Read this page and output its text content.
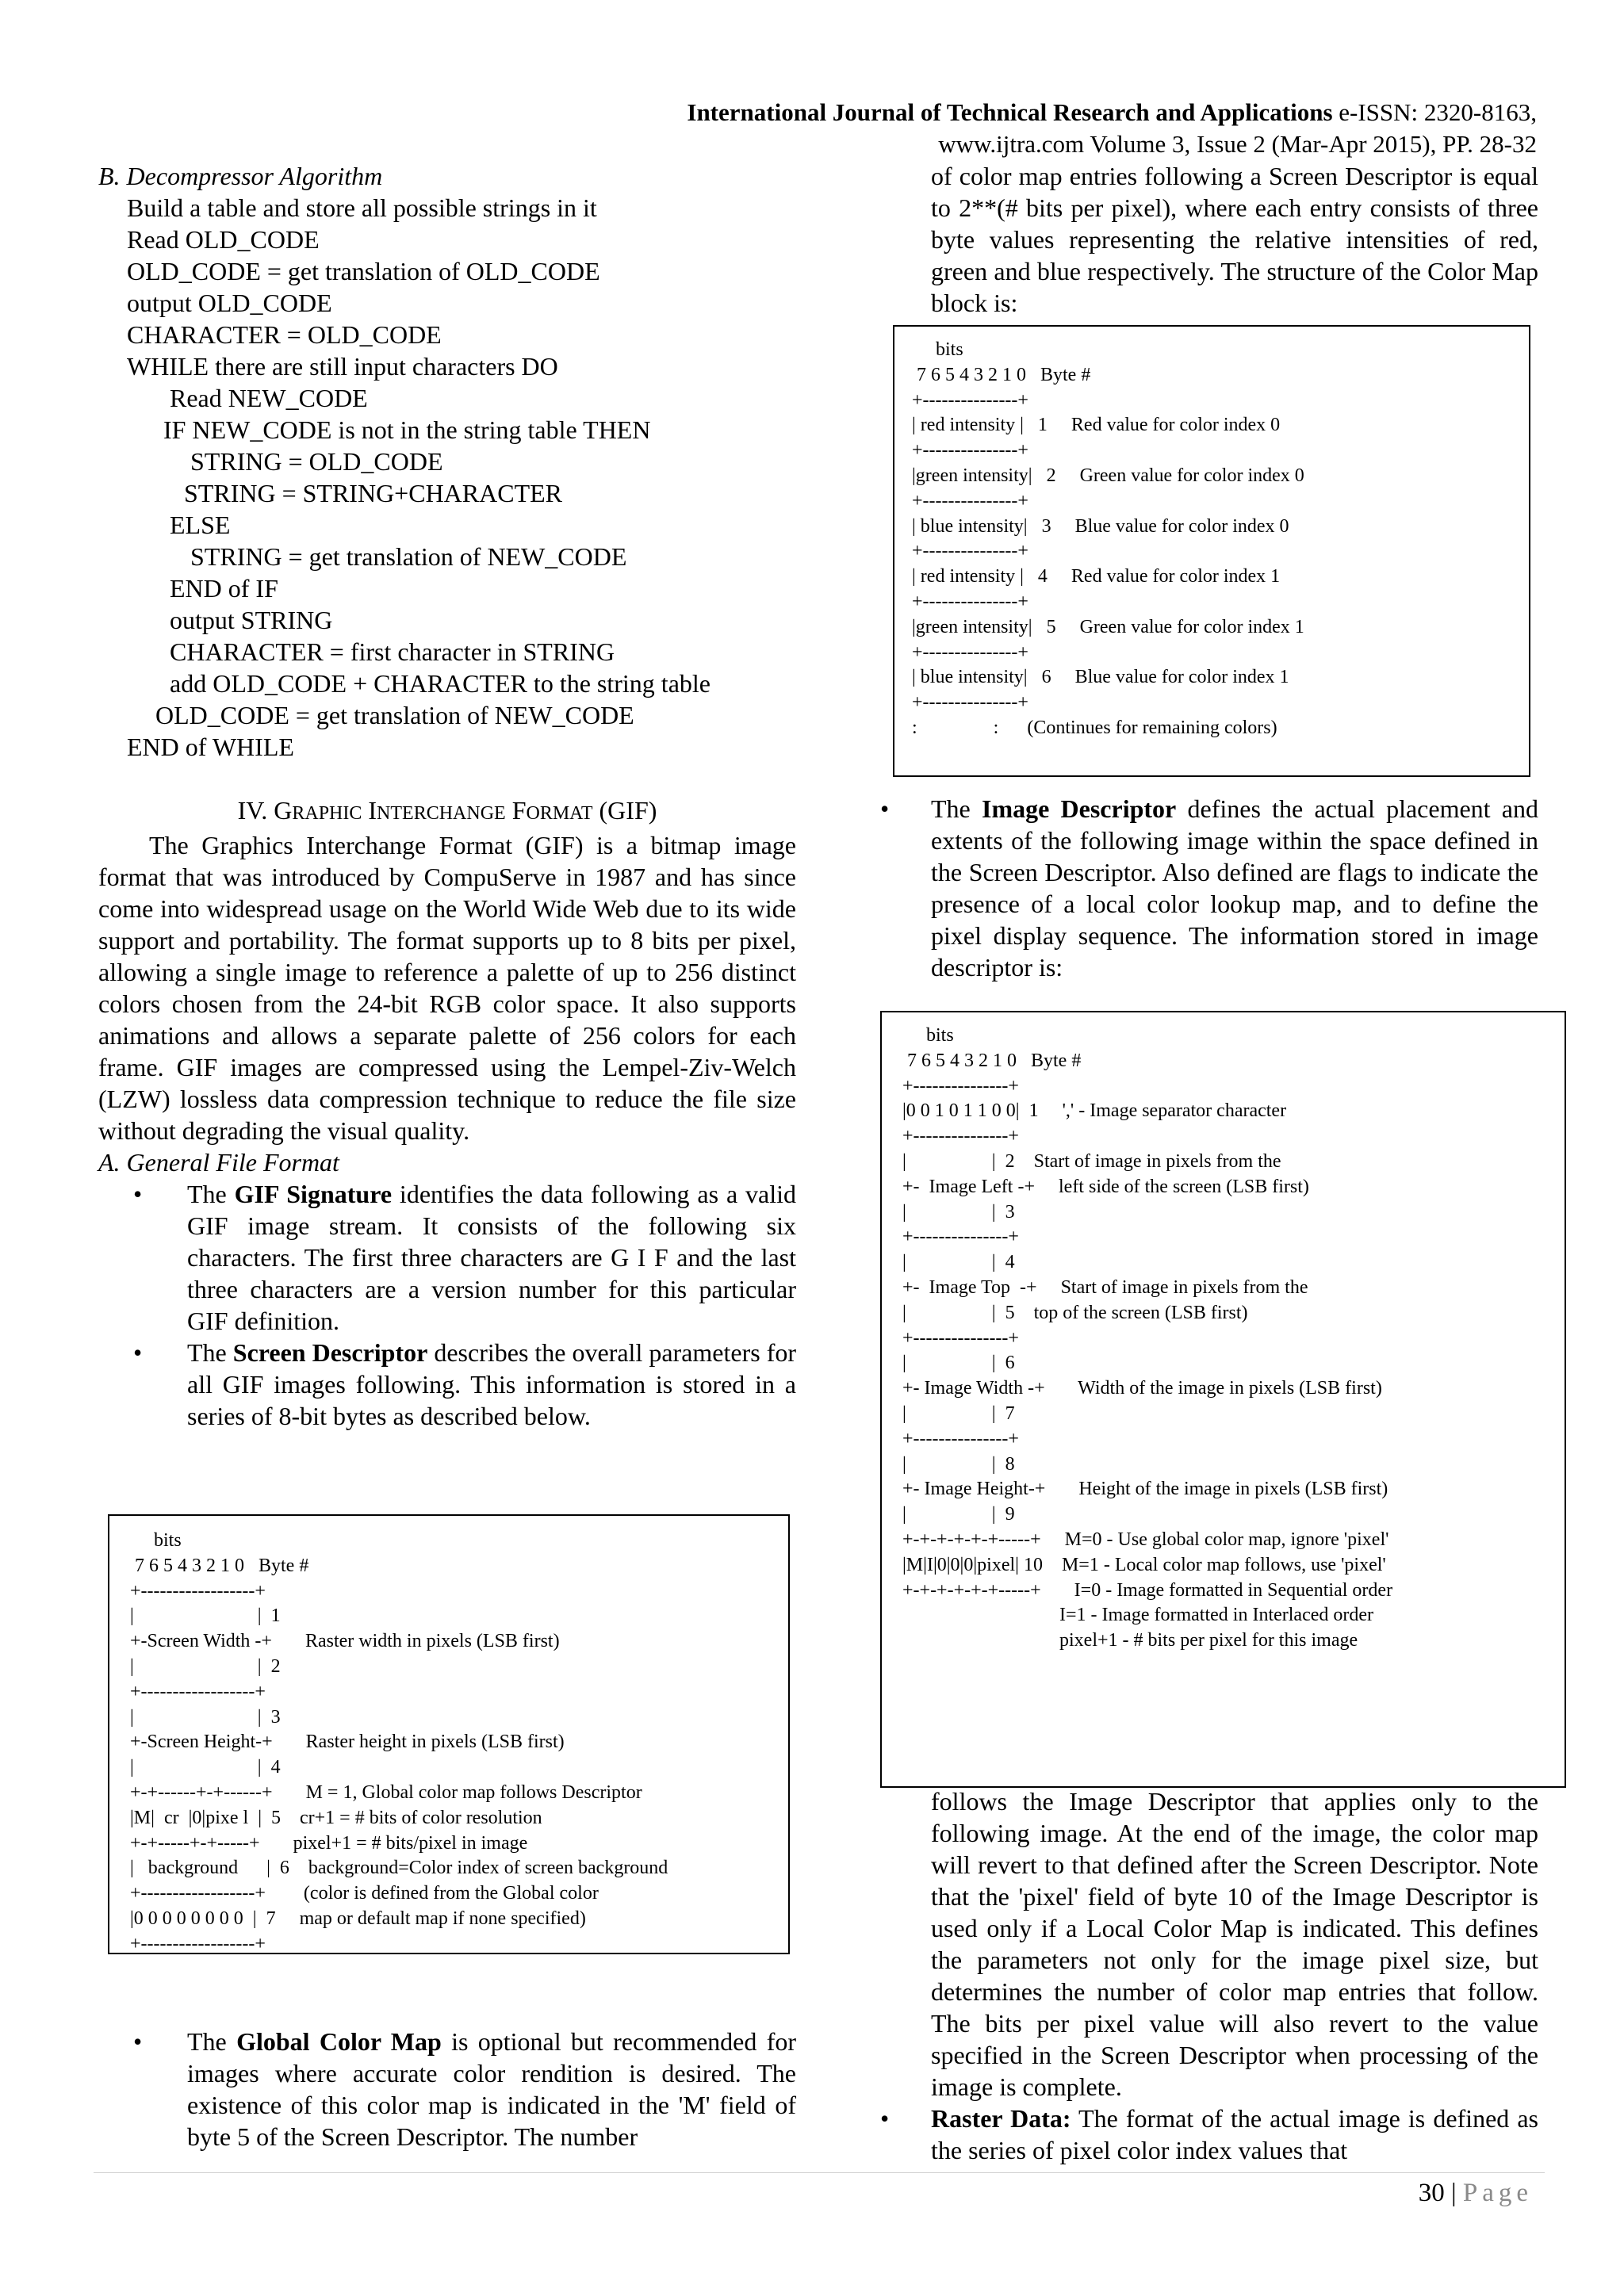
International Journal of Technical Research and Applications e-ISSN: 2320-8163,
www.ijtra.com Volume 3, Issue 2 (Mar-Apr 2015), PP. 28-32
B. Decompressor Algorithm
Build a table and store all possible strings in it
Read OLD_CODE
OLD_CODE = get translation of OLD_CODE
output OLD_CODE
CHARACTER = OLD_CODE
WHILE there are still input characters DO
Read NEW_CODE
IF NEW_CODE is not in the string table THEN
STRING = OLD_CODE
STRING = STRING+CHARACTER
ELSE
STRING = get translation of NEW_CODE
END of IF
output STRING
CHARACTER = first character in STRING
add OLD_CODE + CHARACTER to the string table
OLD_CODE = get translation of NEW_CODE
END of WHILE
IV. GRAPHIC INTERCHANGE FORMAT (GIF)
The Graphics Interchange Format (GIF) is a bitmap image format that was introduced by CompuServe in 1987 and has since come into widespread usage on the World Wide Web due to its wide support and portability. The format supports up to 8 bits per pixel, allowing a single image to reference a palette of up to 256 distinct colors chosen from the 24-bit RGB color space. It also supports animations and allows a separate palette of 256 colors for each frame. GIF images are compressed using the Lempel-Ziv-Welch (LZW) lossless data compression technique to reduce the file size without degrading the visual quality.
A. General File Format
• The GIF Signature identifies the data following as a valid GIF image stream. It consists of the following six characters. The first three characters are G I F and the last three characters are a version number for this particular GIF definition.
• The Screen Descriptor describes the overall parameters for all GIF images following. This information is stored in a series of 8-bit bytes as described below.
bits
7 6 5 4 3 2 1 0   Byte #
+------------------+
|                          |  1
+-Screen Width -+       Raster width in pixels (LSB first)
|                          |  2
+------------------+
|                          |  3
+-Screen Height-+       Raster height in pixels (LSB first)
|                          |  4
+-+------+-+------+       M = 1, Global color map follows Descriptor
|M|  cr  |0|pixe l  |  5    cr+1 = # bits of color resolution
+-+-----+-+-----+       pixel+1 = # bits/pixel in image
|   background      |  6    background=Color index of screen background
+------------------+        (color is defined from the Global color
|0 0 0 0 0 0 0 0  |  7     map or default map if none specified)
+------------------+
• The Global Color Map is optional but recommended for images where accurate color rendition is desired. The existence of this color map is indicated in the 'M' field of byte 5 of the Screen Descriptor. The number
of color map entries following a Screen Descriptor is equal to 2**(# bits per pixel), where each entry consists of three byte values representing the relative intensities of red, green and blue respectively. The structure of the Color Map block is:
bits
7 6 5 4 3 2 1 0   Byte #
+---------------+
| red intensity |   1     Red value for color index 0
+---------------+
|green intensity|   2     Green value for color index 0
+---------------+
| blue intensity|   3     Blue value for color index 0
+---------------+
| red intensity |   4     Red value for color index 1
+---------------+
|green intensity|   5     Green value for color index 1
+---------------+
| blue intensity|   6     Blue value for color index 1
+---------------+
:                :      (Continues for remaining colors)
• The Image Descriptor defines the actual placement and extents of the following image within the space defined in the Screen Descriptor. Also defined are flags to indicate the presence of a local color lookup map, and to define the pixel display sequence. The information stored in image descriptor is:
bits
7 6 5 4 3 2 1 0   Byte #
+---------------+
|0 0 1 0 1 1 0 0|  1     ',' - Image separator character
+---------------+
|                  |  2    Start of image in pixels from the
+-  Image Left -+     left side of the screen (LSB first)
|                  |  3
+---------------+
|                  |  4
+-  Image Top  -+     Start of image in pixels from the
|                  |  5    top of the screen (LSB first)
+---------------+
|                  |  6
+- Image Width -+       Width of the image in pixels (LSB first)
|                  |  7
+---------------+
|                  |  8
+- Image Height-+       Height of the image in pixels (LSB first)
|                  |  9
+-+-+-+-+-+-----+     M=0 - Use global color map, ignore 'pixel'
|M|I|0|0|0|pixel| 10    M=1 - Local color map follows, use 'pixel'
+-+-+-+-+-+-----+       I=0 - Image formatted in Sequential order
I=1 - Image formatted in Interlaced order
pixel+1 - # bits per pixel for this image
follows the Image Descriptor that applies only to the following image. At the end of the image, the color map will revert to that defined after the Screen Descriptor. Note that the 'pixel' field of byte 10 of the Image Descriptor is used only if a Local Color Map is indicated. This defines the parameters not only for the image pixel size, but determines the number of color map entries that follow. The bits per pixel value will also revert to the value specified in the Screen Descriptor when processing of the image is complete.
• Raster Data: The format of the actual image is defined as the series of pixel color index values that
30 | Page
